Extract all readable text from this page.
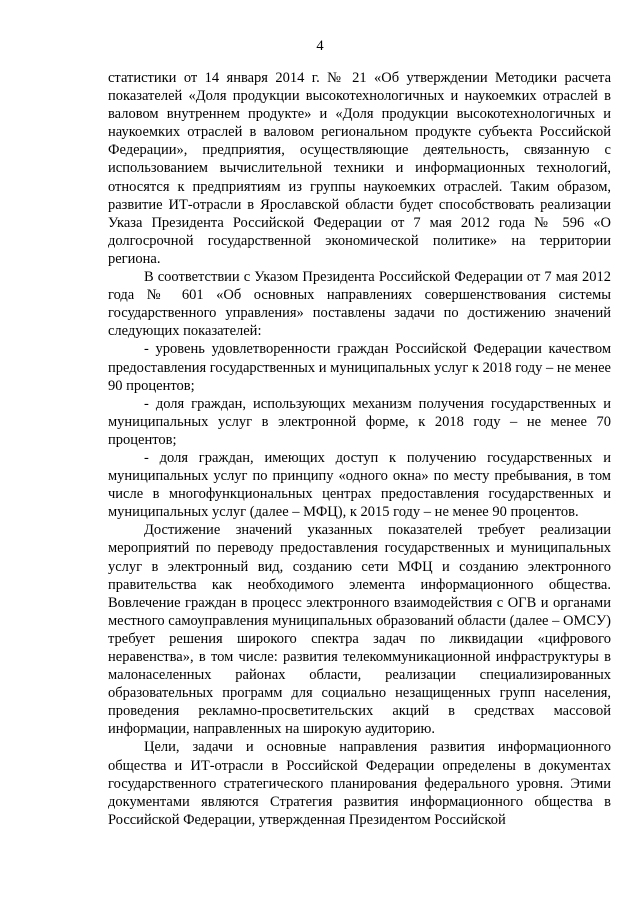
4

статистики от 14 января 2014 г. № 21 «Об утверждении Методики расчета показателей «Доля продукции высокотехнологичных и наукоемких отраслей в валовом внутреннем продукте» и «Доля продукции высокотехнологичных и наукоемких отраслей в валовом региональном продукте субъекта Российской Федерации», предприятия, осуществляющие деятельность, связанную с использованием вычислительной техники и информационных технологий, относятся к предприятиям из группы наукоемких отраслей. Таким образом, развитие ИТ-отрасли в Ярославской области будет способствовать реализации Указа Президента Российской Федерации от 7 мая 2012 года № 596 «О долгосрочной государственной экономической политике» на территории региона.

В соответствии с Указом Президента Российской Федерации от 7 мая 2012 года № 601 «Об основных направлениях совершенствования системы государственного управления» поставлены задачи по достижению значений следующих показателей:

- уровень удовлетворенности граждан Российской Федерации качеством предоставления государственных и муниципальных услуг к 2018 году – не менее 90 процентов;

- доля граждан, использующих механизм получения государственных и муниципальных услуг в электронной форме, к 2018 году – не менее 70 процентов;

- доля граждан, имеющих доступ к получению государственных и муниципальных услуг по принципу «одного окна» по месту пребывания, в том числе в многофункциональных центрах предоставления государственных и муниципальных услуг (далее – МФЦ), к 2015 году – не менее 90 процентов.

Достижение значений указанных показателей требует реализации мероприятий по переводу предоставления государственных и муниципальных услуг в электронный вид, созданию сети МФЦ и созданию электронного правительства как необходимого элемента информационного общества. Вовлечение граждан в процесс электронного взаимодействия с ОГВ и органами местного самоуправления муниципальных образований области (далее – ОМСУ) требует решения широкого спектра задач по ликвидации «цифрового неравенства», в том числе: развития телекоммуникационной инфраструктуры в малонаселенных районах области, реализации специализированных образовательных программ для социально незащищенных групп населения, проведения рекламно-просветительских акций в средствах массовой информации, направленных на широкую аудиторию.

Цели, задачи и основные направления развития информационного общества и ИТ-отрасли в Российской Федерации определены в документах государственного стратегического планирования федерального уровня. Этими документами являются Стратегия развития информационного общества в Российской Федерации, утвержденная Президентом Российской
